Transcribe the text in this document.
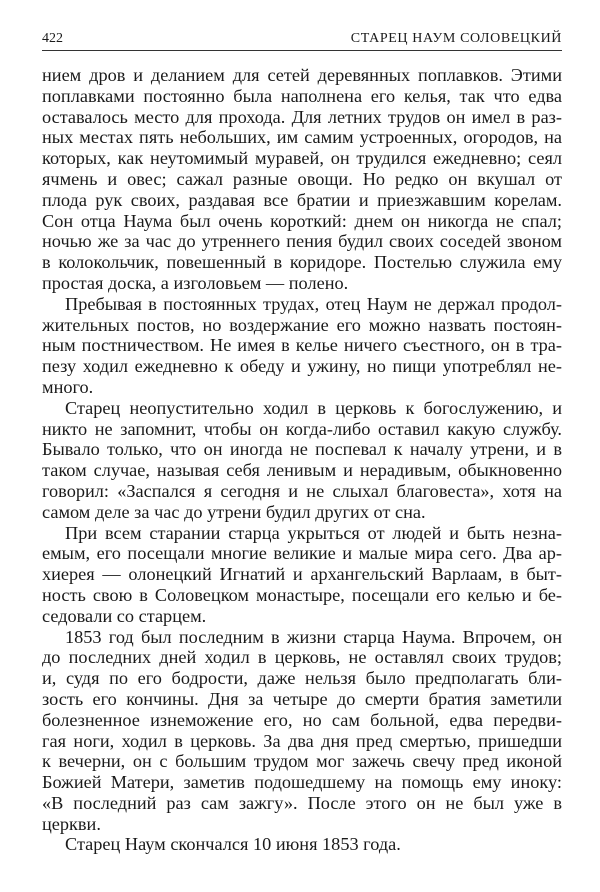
422	СТАРЕЦ НАУМ СОЛОВЕЦКИЙ
нием дров и деланием для сетей деревянных поплавков. Этими
поплавками постоянно была наполнена его келья, так что едва
оставалось место для прохода. Для летних трудов он имел в раз-
ных местах пять небольших, им самим устроенных, огородов, на
которых, как неутомимый муравей, он трудился ежедневно; сеял
ячмень и овес; сажал разные овощи. Но редко он вкушал от
плода рук своих, раздавая все братии и приезжавшим корелам.
Сон отца Наума был очень короткий: днем он никогда не спал;
ночью же за час до утреннего пения будил своих соседей звоном
в колокольчик, повешенный в коридоре. Постелью служила ему
простая доска, а изголовьем — полено.
Пребывая в постоянных трудах, отец Наум не держал продол-
жительных постов, но воздержание его можно назвать постоян-
ным постничеством. Не имея в келье ничего съестного, он в тра-
пезу ходил ежедневно к обеду и ужину, но пищи употреблял не-
много.
Старец неопустительно ходил в церковь к богослужению, и
никто не запомнит, чтобы он когда-либо оставил какую службу.
Бывало только, что он иногда не поспевал к началу утрени, и в
таком случае, называя себя ленивым и нерадивым, обыкновенно
говорил: «Заспался я сегодня и не слыхал благовеста», хотя на
самом деле за час до утрени будил других от сна.
При всем старании старца укрыться от людей и быть незна-
емым, его посещали многие великие и малые мира сего. Два ар-
хиерея — олонецкий Игнатий и архангельский Варлаам, в быт-
ность свою в Соловецком монастыре, посещали его келью и бе-
седовали со старцем.
1853 год был последним в жизни старца Наума. Впрочем, он
до последних дней ходил в церковь, не оставлял своих трудов;
и, судя по его бодрости, даже нельзя было предполагать бли-
зость его кончины. Дня за четыре до смерти братия заметили
болезненное изнеможение его, но сам больной, едва передви-
гая ноги, ходил в церковь. За два дня пред смертью, пришедши
к вечерни, он с большим трудом мог зажечь свечу пред иконой
Божией Матери, заметив подошедшему на помощь ему иноку:
«В последний раз сам зажгу». После этого он не был уже в
церкви.
Старец Наум скончался 10 июня 1853 года.
